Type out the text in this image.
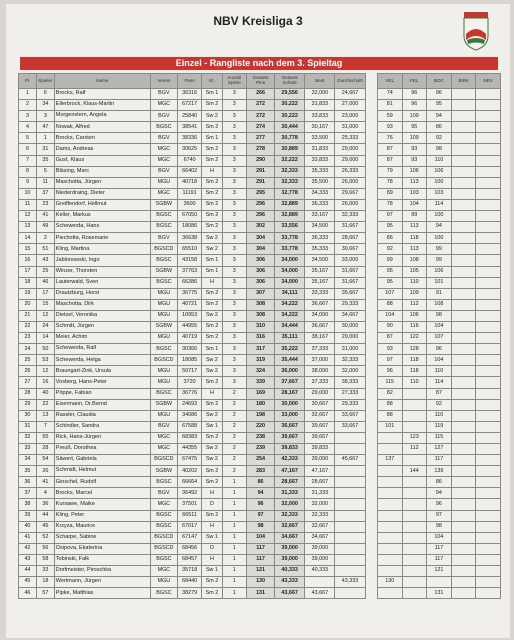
NBV Kreisliga 3
Einzel - Rangliste nach dem 3. Spieltag
Pl.	Spieler	Name	Verein	Pass	Kl.	Anzahl Spiele	Gesamt Pins	Gesamt Schnitt	Best	Durchschnitt		VEL	FEL	BOC	BöW	NEV
1	6	Brocks, Ralf	BGV	36316	Sm 1	3	266	29,556	32,000	24,667		74	96	96		
2	34	Ellerbrock, Klaus-Martin	MGC	67217	Sm 2	3	272	30,222	31,833	27,000		81	96	95		
3	3	Morgenstern, Angela	BGV	25840	Sw 2	3	272	30,222	33,833	23,000		59	109	94		
4	47	Nowak, Alfred	BGSC	38541	Sm 2	3	274	30,444	30,167	31,000		93	95	86		
5	1	Brocks, Carsten	BGV	38336	Sm 1	3	277	30,778	33,500	25,333		76	109	92		
6	31	Dams, Andreas	MGC	30625	Sm 2	3	278	30,889	31,833	29,000		87	93	98		
7	35	Gust, Klaus	MGC	6740	Sm 2	3	290	32,222	33,833	29,000		87	93	110		
8	5	Bläsing, Marc	BGV	66402	H	3	291	32,333	35,333	26,333		79	106	106		
9	11	Maschotta, Jürgen	MGU	40718	Sm 2	3	291	32,333	35,500	26,000		78	113	100		
10	37	Niederdraing, Dieter	MGC	11191	Sm 2	3	295	32,778	34,333	29,667		89	103	103		
11	23	Greiffendorf, Hellmut	SGBW	3600	Sm 2	3	296	32,889	36,333	26,000		78	104	114		
12	41	Keller, Markus	BGSC	67050	Sm 2	3	296	32,889	33,167	32,333		97	99	100		
13	49	Schewerda, Hans	BGSC	18086	Sm 2	3	302	33,556	34,500	31,667		95	113	94		
14	2	Piechotta, Rosemarie	BGV	36638	Sw 2	3	304	33,778	36,333	28,667		86	118	100		
15	51	Kling, Martina	BGSCD	65510	Sw 2	3	304	33,778	35,333	30,667		92	113	99		
16	43	Jablonowski, Ingo	BGSC	43158	Sm 1	3	306	34,000	34,500	33,000		99	108	99		
17	25	Winzer, Thorsten	SGBW	37763	Sm 1	3	306	34,000	35,167	31,667		95	105	106		
18	46	Lauterwald, Sven	BGSC	66386	H	3	306	34,000	35,167	31,667		95	110	101		
19	17	Drautzburg, Horst	MGU	36775	Sm 2	3	307	34,111	33,333	35,667		107	109	91		
20	15	Maschotta, Dirk	MGU	40721	Sm 2	3	308	34,222	36,667	29,333		88	112	108		
21	12	Dietzel, Veronika	MGU	10953	Sw 2	3	308	34,222	34,000	34,667		104	106	98		
22	24	Schmitt, Jürgen	SGBW	44955	Sm 2	3	310	34,444	36,667	30,000		90	116	104		
23	14	Meier, Achim	MGU	40719	Sm 2	3	316	35,111	38,167	29,000		87	122	107		
24	50	Schewerda, Ralf	BGSC	30366	Sm 1	3	317	35,222	37,333	31,000		93	128	96		
25	53	Schewerda, Helga	BGSCD	18085	Sw 2	3	319	35,444	37,000	32,333		97	118	104		
26	12	Braungart-Zink, Ursula	MGU	50717	Sw 2	3	324	36,000	38,000	32,000		96	118	110		
27	16	Vosberg, Hans-Peter	MGU	3720	Sm 2	3	339	37,667	37,333	38,333		115	110	114		
28	40	Pöppe, Fabian	BGSC	36776	H	2	169	28,167	29,000	27,333		82		87		
29	22	Eisermann, Dr.Bernd	SGBW	24693	Sm 2	2	180	30,000	30,667	29,333		88		92		
30	13	Rassler, Claudia	MGU	34086	Sw 2	2	198	33,000	32,667	33,667		88		110		
31	7	Schindler, Sandra	BGV	67588	Sw 1	2	220	36,667	39,667	33,667		101		119		
32	55	Rick, Hans-Jürgen	MGC	68383	Sm 2	2	238	39,667	39,667				123	115		
33	28	Preuß, Dorothea	MGC	44355	Sw 2	2	239	39,833	39,833				112	127		
34	54	Säwert, Gabriela	BGSCD	67475	Sw 2	2	254	42,333	39,000	45,667		137		117		
35	26	Schmidt, Helmut	SGBW	40202	Sm 2	2	283	47,167	47,167				144	139		
36	41	Ginschel, Rudolf	BGSC	66664	Sm 2	1	86	28,667	28,667					86		
37	4	Brocks, Marcel	BGV	36492	H	1	94	31,333	31,333					94		
38	36	Kursawe, Maike	MGC	37501	D	1	96	32,000	32,000					96		
39	44	Kling, Peter	BGSC	66511	Sm 2	1	97	32,333	32,333					97		
40	45	Krzyza, Maurice	BGSC	67017	H	1	98	32,667	32,667					98		
41	52	Scharpe, Sabine	BGSCD	67147	Sw 1	1	104	34,667	34,667					104		
42	56	Osipova, Ekaterina	BGSCD	68456	D	1	117	39,000	39,000					117		
43	58	Tobinski, Falk	BGSC	68457	H	1	117	39,000	39,000					117		
44	33	Dorfmeister, Piroschka	MGC	35718	Sw 1	1	121	40,333	40,333					121		
45	18	Wertmann, Jürgen	MGU	68440	Sm 2	1	130	43,333		43,333		130				
46	57	Pipke, Matthias	BGSC	38279	Sm 2	1	131	43,667	43,667					131		
